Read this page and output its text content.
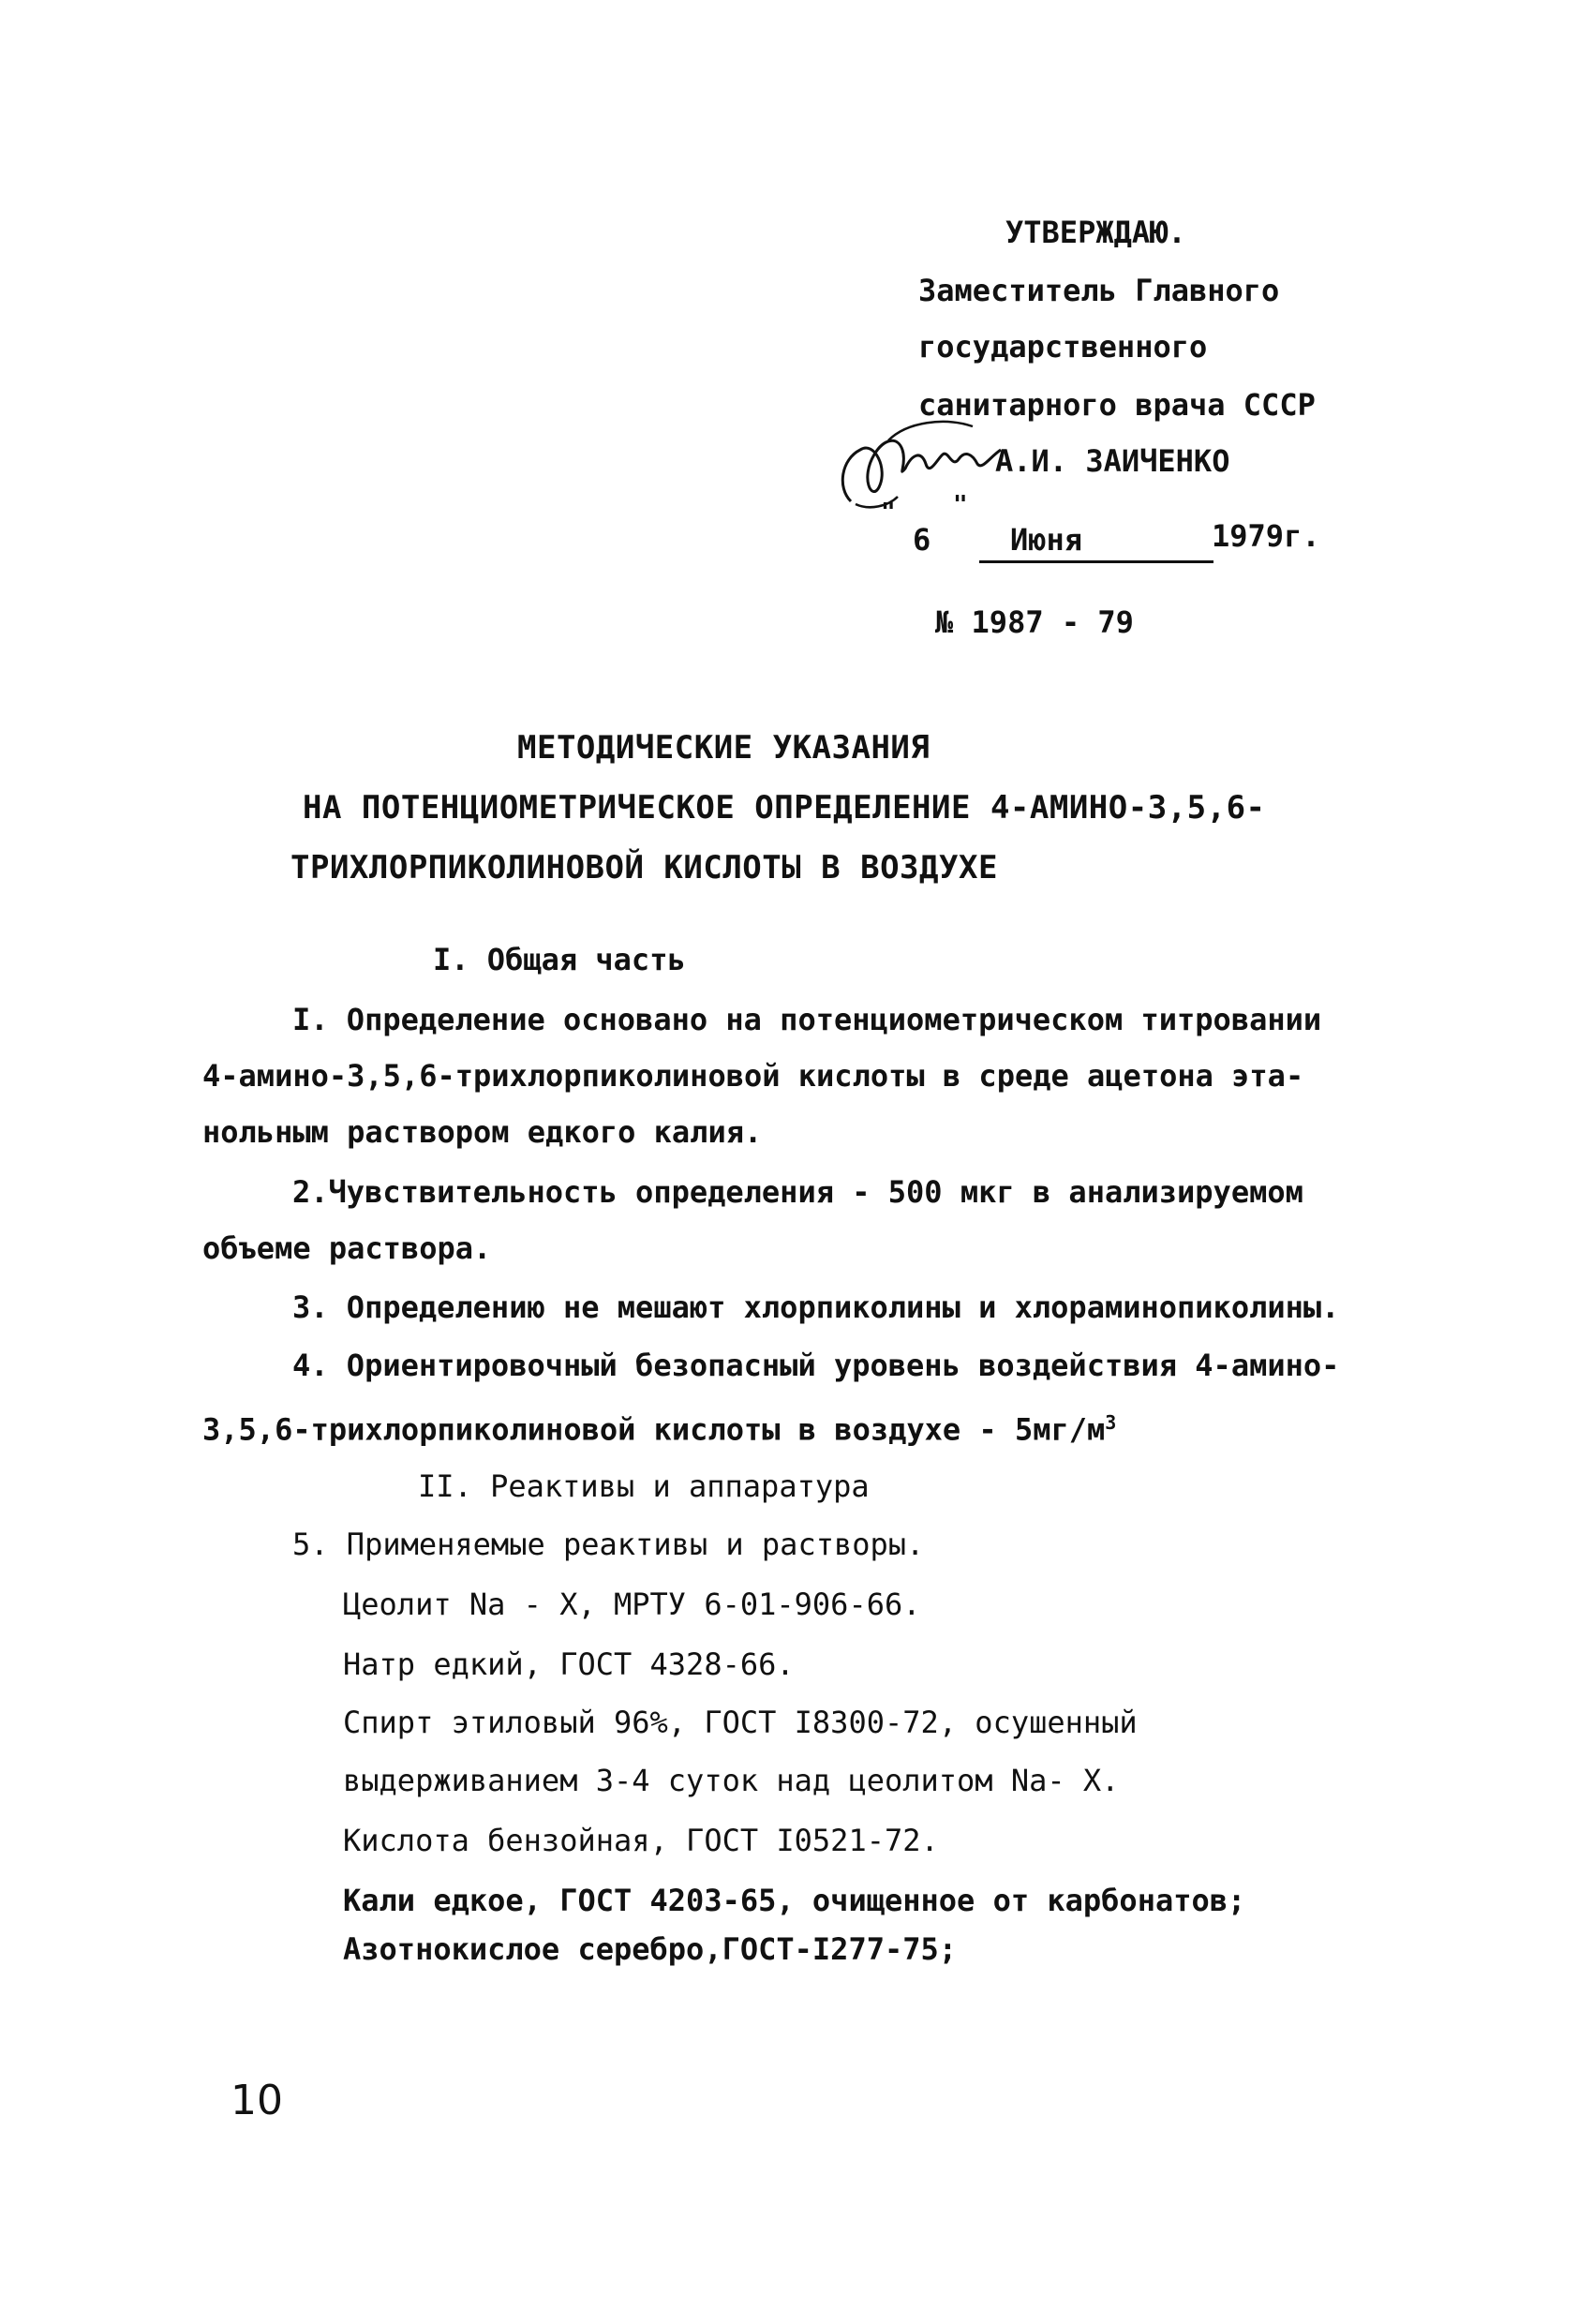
УТВЕРЖДАЮ.
Заместитель Главного
государственного
санитарного врача СССР
А.И. ЗАИЧЕНКО
" "
6	Июня	1979г.
№ 1987 - 79
МЕТОДИЧЕСКИЕ УКАЗАНИЯ
НА ПОТЕНЦИОМЕТРИЧЕСКОЕ ОПРЕДЕЛЕНИЕ 4-АМИНО-3,5,6-
ТРИХЛОРПИКОЛИНОВОЙ КИСЛОТЫ В ВОЗДУХЕ
I. Общая часть
I. Определение основано на потенциометрическом титровании
4-амино-3,5,6-трихлорпиколиновой кислоты в среде ацетона эта-
нольным раствором едкого калия.
2.Чувствительность определения - 500 мкг в анализируемом
объеме раствора.
3. Определению не мешают хлорпиколины и хлораминопиколины.
4. Ориентировочный безопасный уровень воздействия 4-амино-
3,5,6-трихлорпиколиновой кислоты в воздухе - $5мг/м^3$
II. Реактивы и аппаратура
5. Применяемые реактивы и растворы.
Цеолит Na - X, МРТУ 6-01-906-66.
Натр едкий, ГОСТ 4328-66.
Спирт этиловый 96%, ГОСТ I8300-72, осушенный
выдерживанием 3-4 суток над цеолитом Na- X.
Кислота бензойная, ГОСТ I0521-72.
Кали едкое, ГОСТ 4203-65, очищенное от карбонатов;
Азотнокислое серебро,ГОСТ-I277-75;
10
